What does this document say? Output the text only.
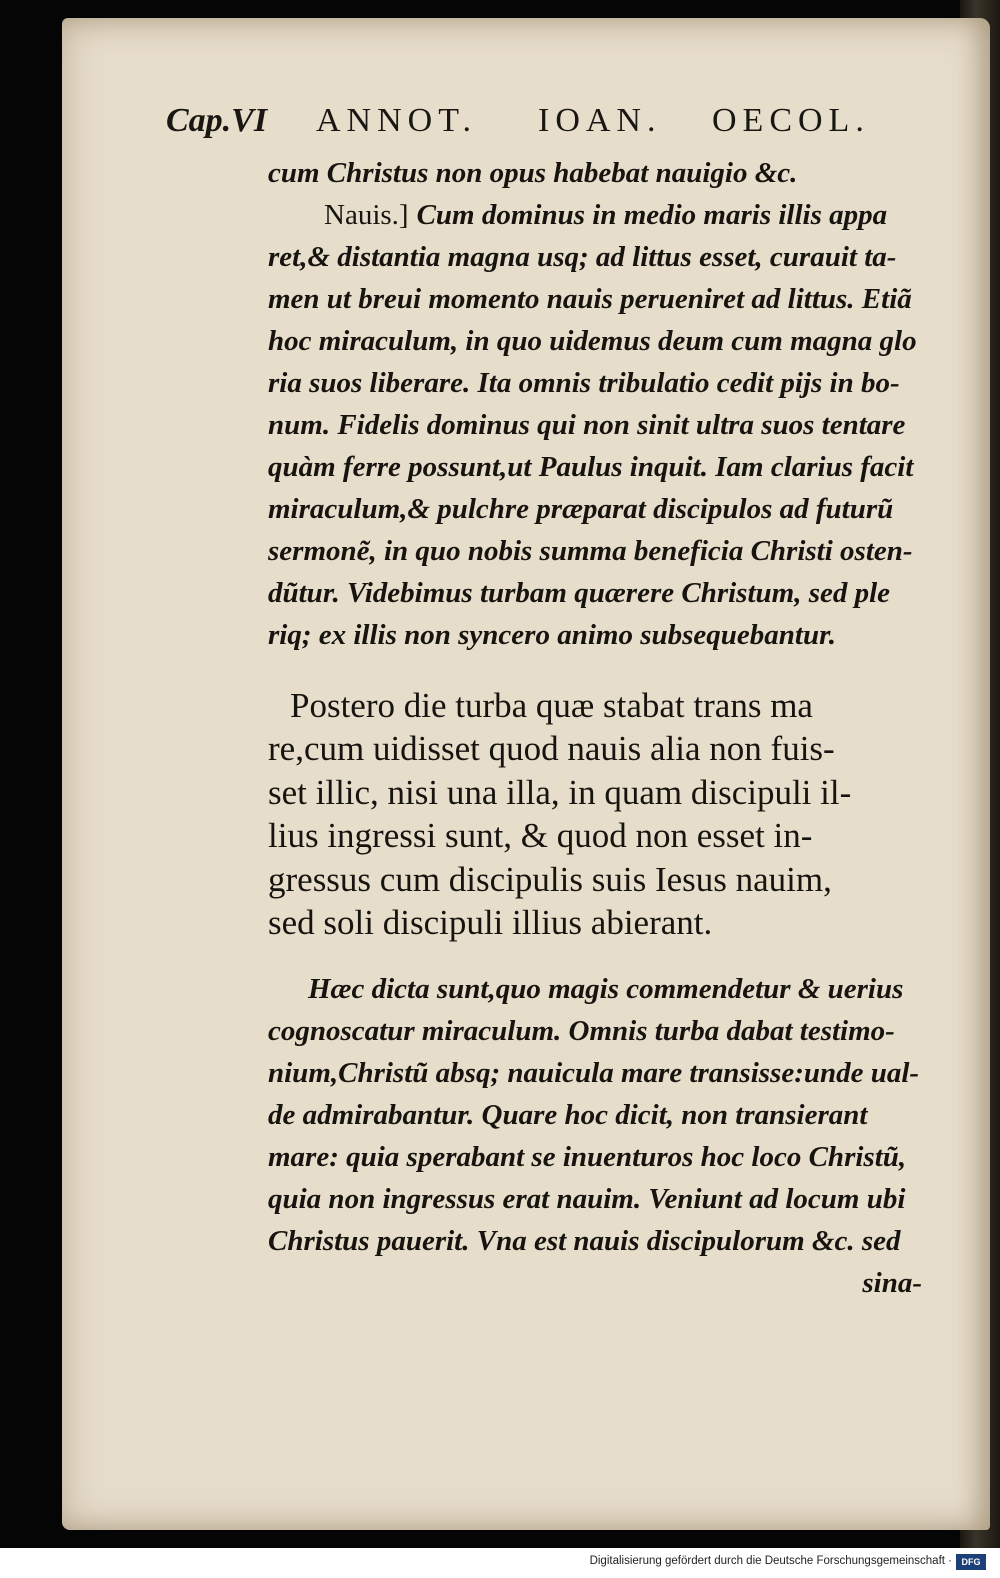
Cap.VI ANNOT. IOAN. OECOL.
cum Christus non opus habebat nauigio &c.
Nauis.] Cum dominus in medio maris illis appa
ret,& distantia magna usq; ad littus esset, curauit ta-
men ut breui momento nauis perueniret ad littus. Etiã
hoc miraculum, in quo uidemus deum cum magna glo
ria suos liberare. Ita omnis tribulatio cedit pijs in bo-
num. Fidelis dominus qui non sinit ultra suos tentare
quàm ferre possunt,ut Paulus inquit. Iam clarius facit
miraculum,& pulchre præparat discipulos ad futurũ
sermonẽ, in quo nobis summa beneficia Christi osten-
dũtur. Videbimus turbam quærere Christum, sed ple
riq; ex illis non syncero animo subsequebantur.
Postero die turba quæ stabat trans ma
re,cum uidisset quod nauis alia non fuis-
set illic, nisi una illa, in quam discipuli il-
lius ingressi sunt, & quod non esset in-
gressus cum discipulis suis Iesus nauim,
sed soli discipuli illius abierant.
Hæc dicta sunt,quo magis commendetur & uerius
cognoscatur miraculum. Omnis turba dabat testimo-
nium,Christũ absq; nauicula mare transisse:unde ual-
de admirabantur. Quare hoc dicit, non transierant
mare: quia sperabant se inuenturos hoc loco Christũ,
quia non ingressus erat nauim. Veniunt ad locum ubi
Christus pauerit. Vna est nauis discipulorum &c. sed
sina-
Digitalisierung gefördert durch die Deutsche Forschungsgemeinschaft ·	DFG
